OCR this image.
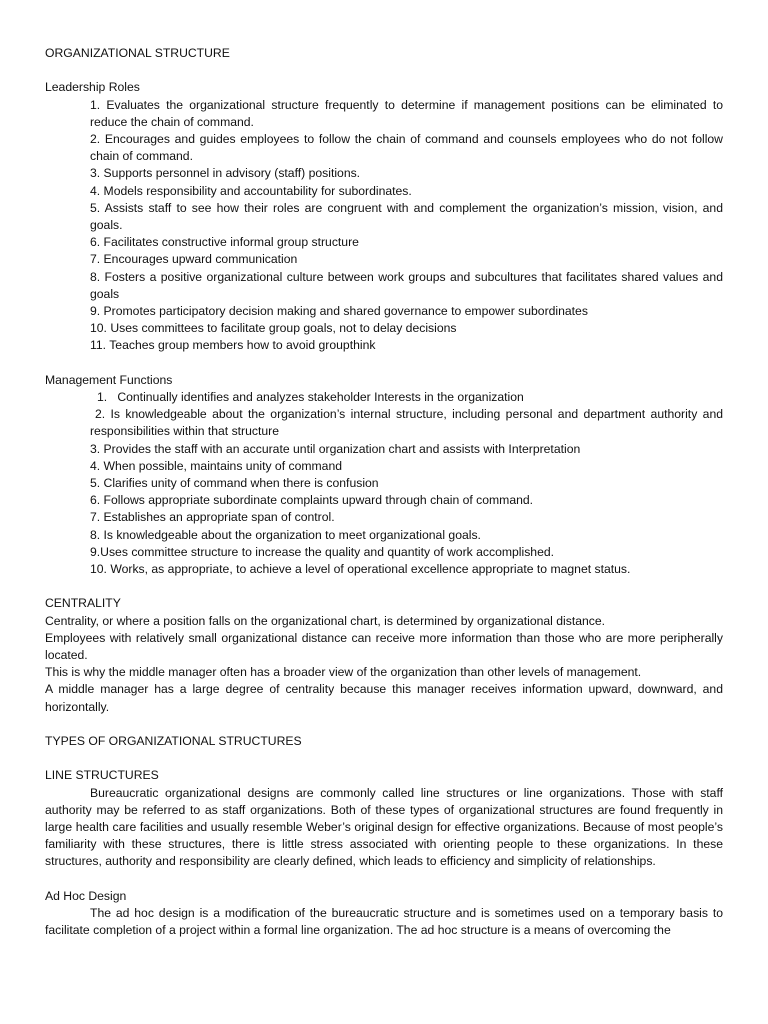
ORGANIZATIONAL STRUCTURE

Leadership Roles

1. Evaluates the organizational structure frequently to determine if management positions can be eliminated to reduce the chain of command.
2. Encourages and guides employees to follow the chain of command and counsels employees who do not follow chain of command.
3. Supports personnel in advisory (staff) positions.
4. Models responsibility and accountability for subordinates.
5. Assists staff to see how their roles are congruent with and complement the organization’s mission, vision, and goals.
6. Facilitates constructive informal group structure
7. Encourages upward communication
8. Fosters a positive organizational culture between work groups and subcultures that facilitates shared values and goals
9. Promotes participatory decision making and shared governance to empower subordinates
10. Uses committees to facilitate group goals, not to delay decisions
11. Teaches group members how to avoid groupthink

Management Functions

1.   Continually identifies and analyzes stakeholder Interests in the organization
2. Is knowledgeable about the organization’s internal structure, including personal and department authority and responsibilities within that structure
3. Provides the staff with an accurate until organization chart and assists with Interpretation
4. When possible, maintains unity of command
5. Clarifies unity of command when there is confusion
6. Follows appropriate subordinate complaints upward through chain of command.
7. Establishes an appropriate span of control.
8. Is knowledgeable about the organization to meet organizational goals.
9.Uses committee structure to increase the quality and quantity of work accomplished.
10. Works, as appropriate, to achieve a level of operational excellence appropriate to magnet status.

CENTRALITY

Centrality, or where a position falls on the organizational chart, is determined by organizational distance.

Employees with relatively small organizational distance can receive more information than those who are more peripherally located.

This is why the middle manager often has a broader view of the organization than other levels of management.

A middle manager has a large degree of centrality because this manager receives information upward, downward, and horizontally.

TYPES OF ORGANIZATIONAL STRUCTURES

LINE STRUCTURES

Bureaucratic organizational designs are commonly called line structures or line organizations. Those with staff authority may be referred to as staff organizations. Both of these types of organizational structures are found frequently in large health care facilities and usually resemble Weber’s original design for effective organizations. Because of most people’s familiarity with these structures, there is little stress associated with orienting people to these organizations. In these structures, authority and responsibility are clearly defined, which leads to efficiency and simplicity of relationships.

Ad Hoc Design

The ad hoc design is a modification of the bureaucratic structure and is sometimes used on a temporary basis to facilitate completion of a project within a formal line organization. The ad hoc structure is a means of overcoming the
